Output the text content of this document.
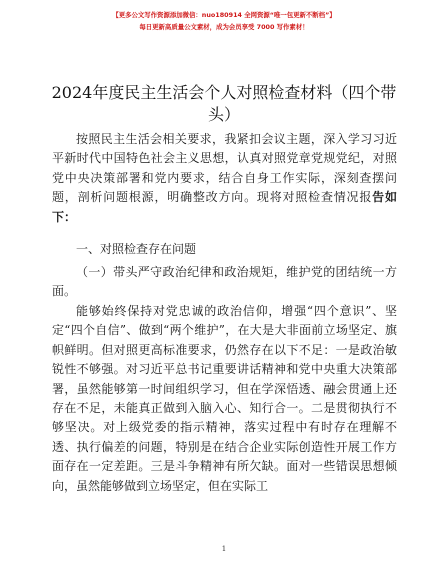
【更多公文写作资源添加微信：nuo180914 全网资源“唯一包更新不断档”】
每日更新高质量公文素材，成为会员享受 7000 写作素材！
2024年度民主生活会个人对照检查材料（四个带头）

按照民主生活会相关要求，我紧扣会议主题，深入学习习近平新时代中国特色社会主义思想，认真对照党章党规党纪，对照党中央决策部署和党内要求，结合自身工作实际，深刻查摆问题，剖析问题根源，明确整改方向。现将对照检查情况报告如下：

一、对照检查存在问题

（一）带头严守政治纪律和政治规矩，维护党的团结统一方面。

能够始终保持对党忠诚的政治信仰，增强“四个意识”、坚定“四个自信”、做到“两个维护”，在大是大非面前立场坚定、旗帜鲜明。但对照更高标准要求，仍然存在以下不足：一是政治敏锐性不够强。对习近平总书记重要讲话精神和党中央重大决策部署，虽然能够第一时间组织学习，但在学深悟透、融会贯通上还存在不足，未能真正做到入脑入心、知行合一。二是贯彻执行不够坚决。对上级党委的指示精神，落实过程中有时存在理解不透、执行偏差的问题，特别是在结合企业实际创造性开展工作方面存在一定差距。三是斗争精神有所欠缺。面对一些错误思想倾向，虽然能够做到立场坚定，但在实际工

1
